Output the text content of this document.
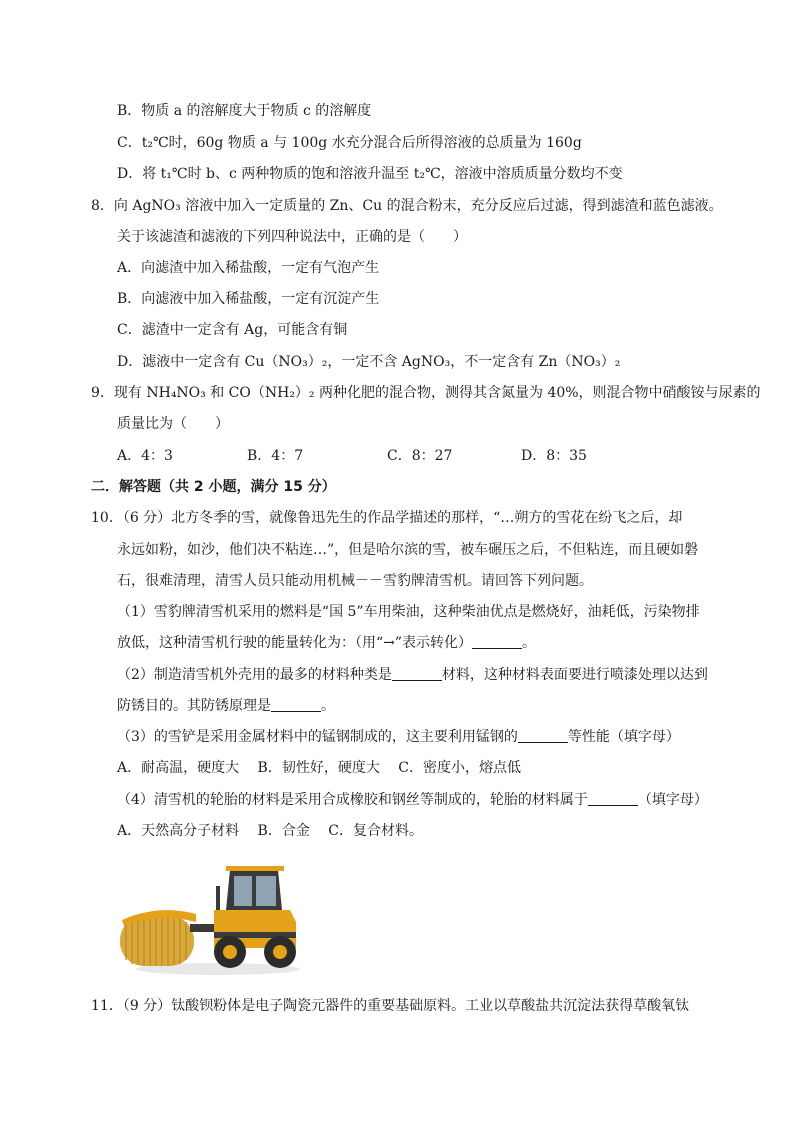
B．物质 a 的溶解度大于物质 c 的溶解度
C．t₂℃时，60g 物质 a 与 100g 水充分混合后所得溶液的总质量为 160g
D．将 t₁℃时 b、c 两种物质的饱和溶液升温至 t₂℃，溶液中溶质质量分数均不变
8．向 AgNO₃ 溶液中加入一定质量的 Zn、Cu 的混合粉末，充分反应后过滤，得到滤渣和蓝色滤液。
关于该滤渣和滤液的下列四种说法中，正确的是（　　）
A．向滤渣中加入稀盐酸，一定有气泡产生
B．向滤液中加入稀盐酸，一定有沉淀产生
C．滤渣中一定含有 Ag，可能含有铜
D．滤液中一定含有 Cu（NO₃）₂，一定不含 AgNO₃，不一定含有 Zn（NO₃）₂
9．现有 NH₄NO₃ 和 CO（NH₂）₂ 两种化肥的混合物，测得其含氮量为 40%，则混合物中硝酸铵与尿素的
质量比为（　　）
A．4：3	B．4：7	C．8：27	D．8：35
二．解答题（共 2 小题，满分 15 分）
10．（6 分）北方冬季的雪，就像鲁迅先生的作品学描述的那样，“…朔方的雪花在纷飞之后，却
永远如粉，如沙，他们决不粘连…”，但是哈尔滨的雪，被车碾压之后，不但粘连，而且硬如磐
石，很难清理，清雪人员只能动用机械－－雪豹牌清雪机。请回答下列问题。
（1）雪豹牌清雪机采用的燃料是“国 5”车用柴油，这种柴油优点是燃烧好，油耗低，污染物排
放低，这种清雪机行驶的能量转化为：（用“→”表示转化）	。
（2）制造清雪机外壳用的最多的材料种类是	材料，这种材料表面要进行喷漆处理以达到
防锈目的。其防锈原理是	。
（3）的雪铲是采用金属材料中的锰钢制成的，这主要利用锰钢的	等性能（填字母）
A．耐高温，硬度大　 B．韧性好，硬度大　 C．密度小，熔点低
（4）清雪机的轮胎的材料是采用合成橡胶和钢丝等制成的，轮胎的材料属于	（填字母）
A．天然高分子材料　 B．合金　 C．复合材料。
11．（9 分）钛酸钡粉体是电子陶瓷元器件的重要基础原料。工业以草酸盐共沉淀法获得草酸氧钛
